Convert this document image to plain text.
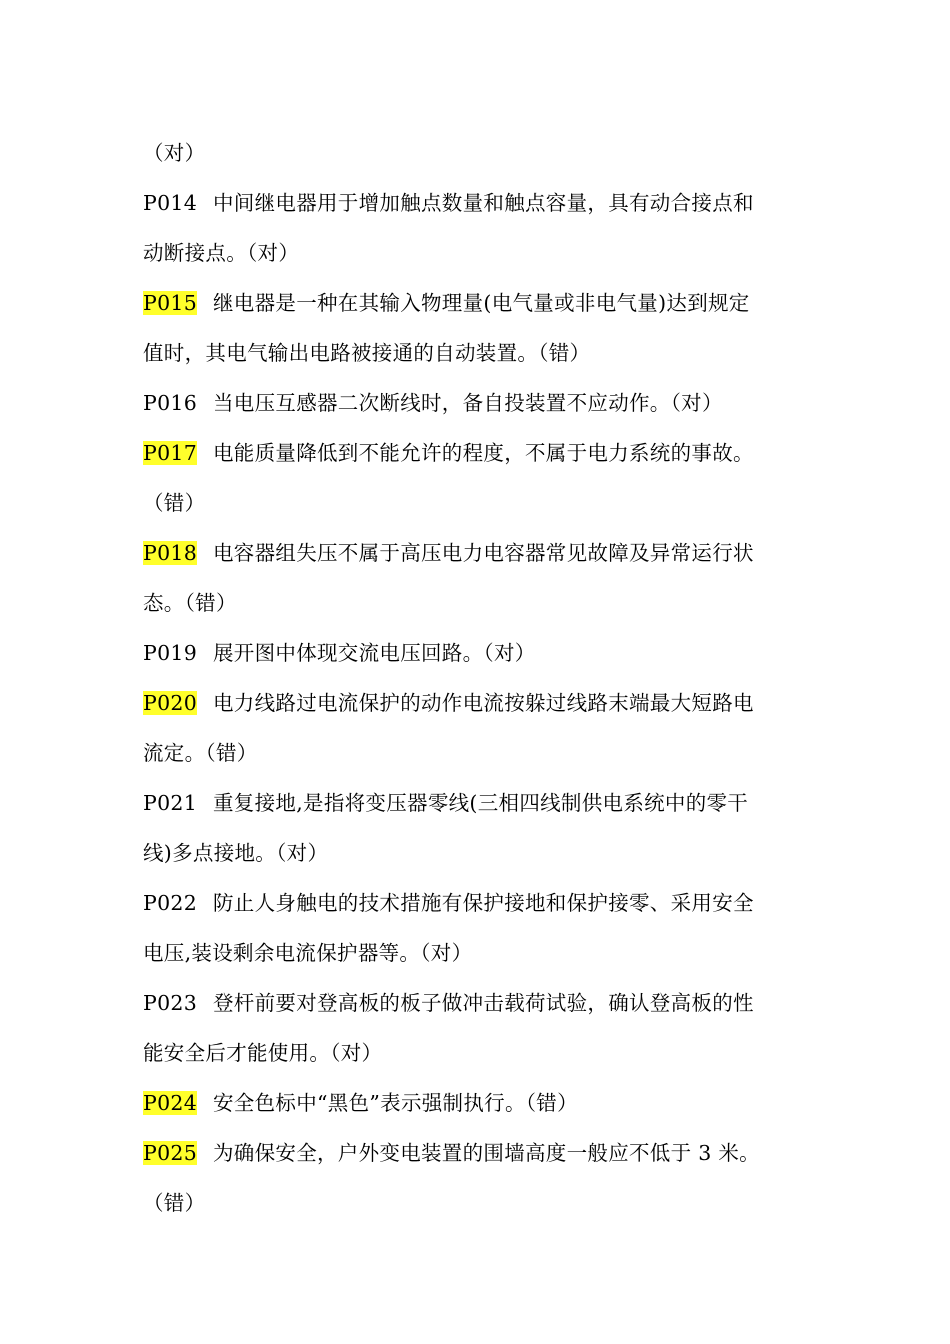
（对）
P014 中间继电器用于增加触点数量和触点容量，具有动合接点和
动断接点。（对）
P015 继电器是一种在其输入物理量(电气量或非电气量)达到规定
值时，其电气输出电路被接通的自动装置。（错）
P016 当电压互感器二次断线时，备自投装置不应动作。（对）
P017 电能质量降低到不能允许的程度，不属于电力系统的事故。
（错）
P018 电容器组失压不属于高压电力电容器常见故障及异常运行状
态。（错）
P019 展开图中体现交流电压回路。（对）
P020 电力线路过电流保护的动作电流按躲过线路末端最大短路电
流定。（错）
P021 重复接地,是指将变压器零线(三相四线制供电系统中的零干
线)多点接地。（对）
P022 防止人身触电的技术措施有保护接地和保护接零、采用安全
电压,装设剩余电流保护器等。（对）
P023 登杆前要对登高板的板子做冲击载荷试验，确认登高板的性
能安全后才能使用。（对）
P024 安全色标中“黑色”表示强制执行。（错）
P025 为确保安全，户外变电装置的围墙高度一般应不低于 3 米。
（错）
